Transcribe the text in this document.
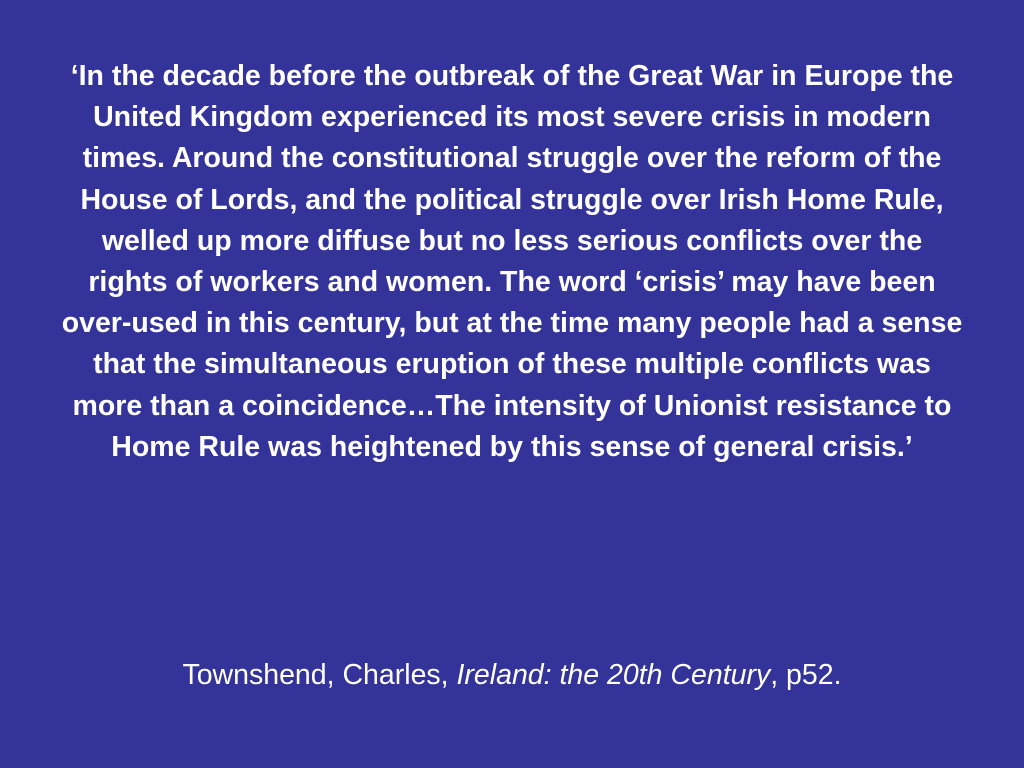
‘In the decade before the outbreak of the Great War in Europe the United Kingdom experienced its most severe crisis in modern times. Around the constitutional struggle over the reform of the House of Lords, and the political struggle over Irish Home Rule, welled up more diffuse but no less serious conflicts over the rights of workers and women. The word ‘crisis’ may have been over-used in this century, but at the time many people had a sense that the simultaneous eruption of these multiple conflicts was more than a coincidence…The intensity of Unionist resistance to Home Rule was heightened by this sense of general crisis.’

Townshend, Charles, Ireland: the 20th Century, p52.
